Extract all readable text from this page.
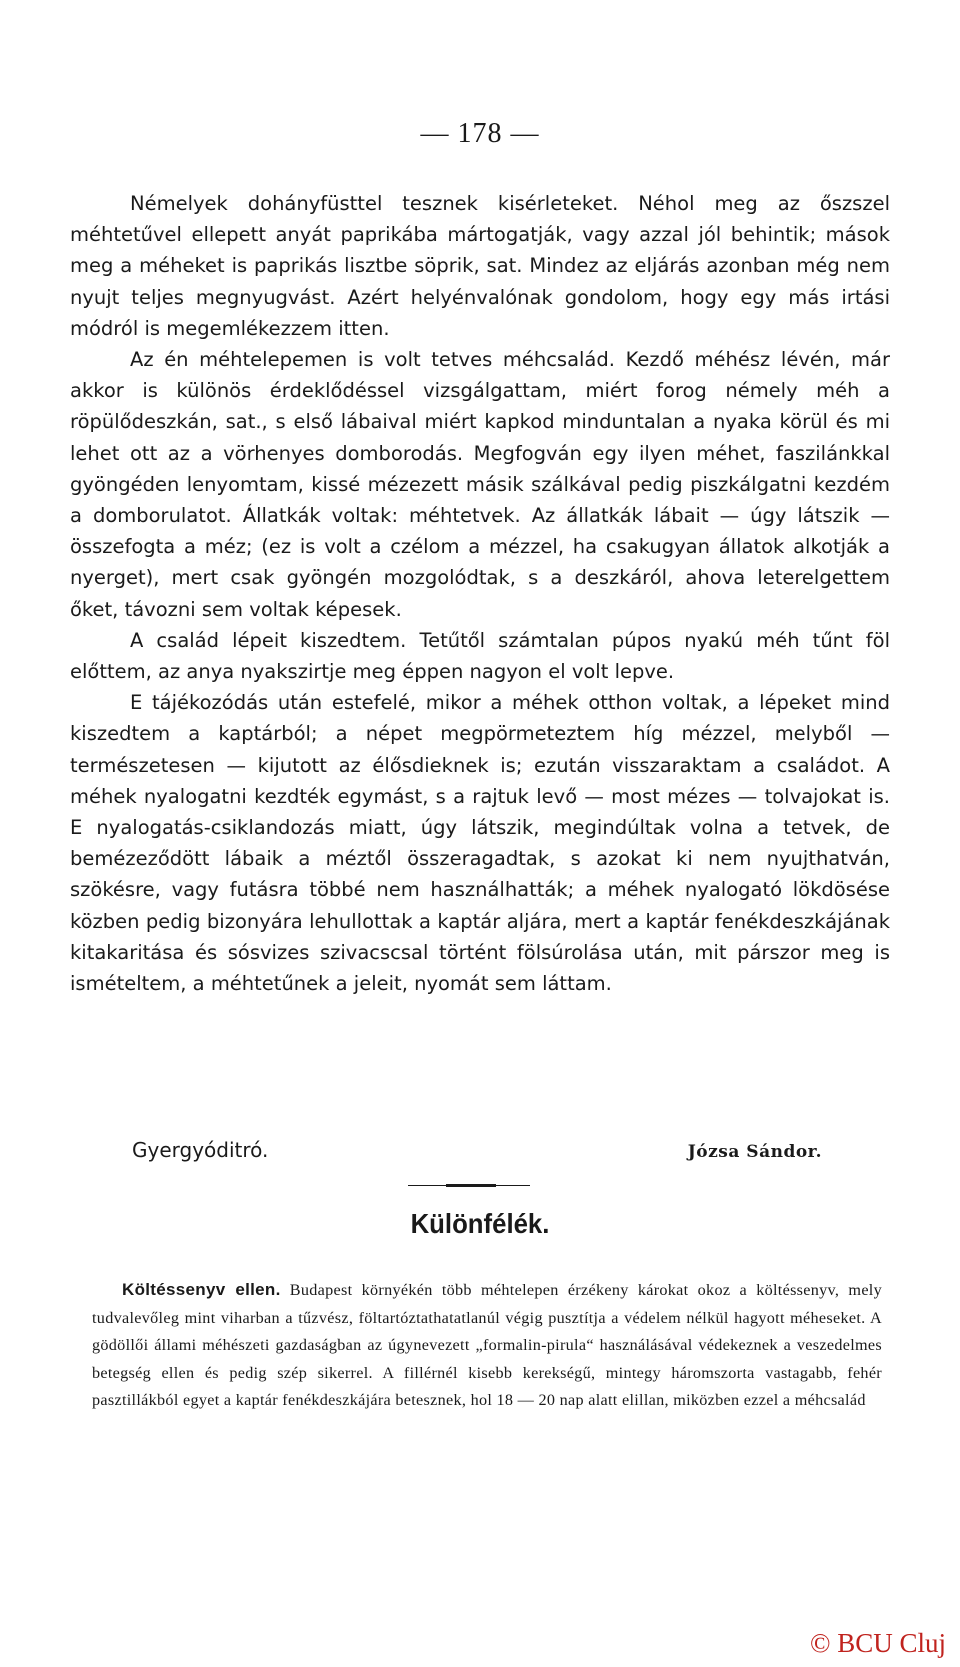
— 178 —

Némelyek dohányfüsttel tesznek kisérleteket. Néhol meg az őszszel méhtetűvel ellepett anyát paprikába mártogatják, vagy azzal jól behintik; mások meg a méheket is paprikás lisztbe söprik, sat. Mindez az eljárás azonban még nem nyujt teljes megnyugvást. Azért helyénvalónak gondolom, hogy egy más irtási módról is megemlékezzem itten.

Az én méhtelepemen is volt tetves méhcsalád. Kezdő méhész lévén, már akkor is különös érdeklődéssel vizsgálgattam, miért forog némely méh a röpülődeszkán, sat., s első lábaival miért kapkod minduntalan a nyaka körül és mi lehet ott az a vörhenyes domborodás. Megfogván egy ilyen méhet, faszilánkkal gyöngéden lenyomtam, kissé mézezett másik szálkával pedig piszkálgatni kezdém a domborulatot. Állatkák voltak: méhtetvek. Az állatkák lábait — úgy látszik — összefogta a méz; (ez is volt a czélom a mézzel, ha csakugyan állatok alkotják a nyerget), mert csak gyöngén mozgolódtak, s a deszkáról, ahova leterelgettem őket, távozni sem voltak képesek.

A család lépeit kiszedtem. Tetűtől számtalan púpos nyakú méh tűnt föl előttem, az anya nyakszirtje meg éppen nagyon el volt lepve.

E tájékozódás után estefelé, mikor a méhek otthon voltak, a lépeket mind kiszedtem a kaptárból; a népet megpörmeteztem híg mézzel, melyből — természetesen — kijutott az élősdieknek is; ezután visszaraktam a családot. A méhek nyalogatni kezdték egymást, s a rajtuk levő — most mézes — tolvajokat is. E nyalogatás-csiklandozás miatt, úgy látszik, megindúltak volna a tetvek, de bemézeződött lábaik a méztől összeragadtak, s azokat ki nem nyujthatván, szökésre, vagy futásra többé nem használhatták; a méhek nyalogató lökdösése közben pedig bizonyára lehullottak a kaptár aljára, mert a kaptár fenékdeszkájának kitakaritása és sósvizes szivacscsal történt fölsúrolása után, mit párszor meg is ismételtem, a méhtetűnek a jeleit, nyomát sem láttam.

Gyergyóditró.	Józsa Sándor.
Különfélék.

Költéssenyv ellen. Budapest környékén több méhtelepen érzékeny károkat okoz a költéssenyv, mely tudvalevőleg mint viharban a tűzvész, föltartóztathatatlanúl végig pusztítja a védelem nélkül hagyott méheseket. A gödöllői állami méhészeti gazdaságban az úgynevezett „formalin-pirula“ használásával védekeznek a veszedelmes betegség ellen és pedig szép sikerrel. A fillérnél kisebb kerekségű, mintegy háromszorta vastagabb, fehér pasztillákból egyet a kaptár fenékdeszkájára betesznek, hol 18 — 20 nap alatt elillan, miközben ezzel a méhcsalád

© BCU Cluj
